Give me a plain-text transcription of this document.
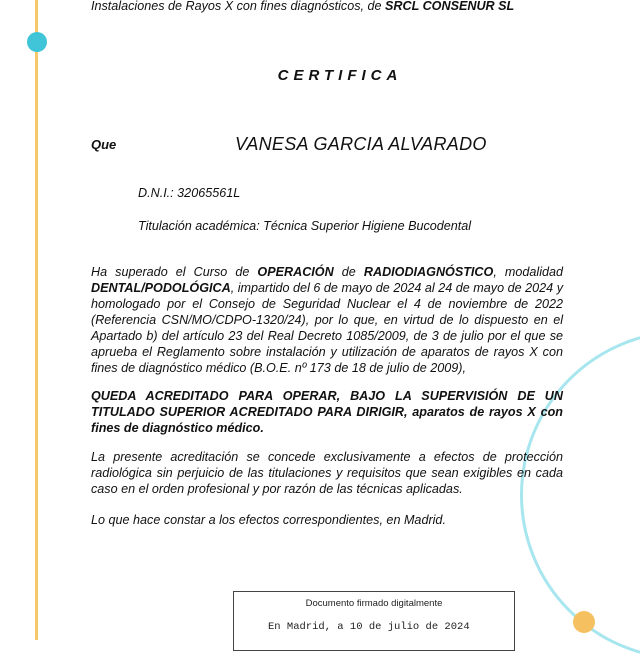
Instalaciones de Rayos X con fines diagnósticos, de SRCL CONSENUR SL
CERTIFICA
Que	VANESA GARCIA ALVARADO
D.N.I.: 32065561L
Titulación académica: Técnica Superior Higiene Bucodental
Ha superado el Curso de OPERACIÓN de RADIODIAGNÓSTICO, modalidad DENTAL/PODOLÓGICA, impartido del 6 de mayo de 2024 al 24 de mayo de 2024 y homologado por el Consejo de Seguridad Nuclear el 4 de noviembre de 2022 (Referencia CSN/MO/CDPO-1320/24), por lo que, en virtud de lo dispuesto en el Apartado b) del artículo 23 del Real Decreto 1085/2009, de 3 de julio por el que se aprueba el Reglamento sobre instalación y utilización de aparatos de rayos X con fines de diagnóstico médico (B.O.E. nº 173 de 18 de julio de 2009),
QUEDA ACREDITADO PARA OPERAR, BAJO LA SUPERVISIÓN DE UN TITULADO SUPERIOR ACREDITADO PARA DIRIGIR, aparatos de rayos X con fines de diagnóstico médico.
La presente acreditación se concede exclusivamente a efectos de protección radiológica sin perjuicio de las titulaciones y requisitos que sean exigibles en cada caso en el orden profesional y por razón de las técnicas aplicadas.
Lo que hace constar a los efectos correspondientes, en Madrid.
Documento firmado digitalmente
En Madrid, a 10 de julio de 2024
